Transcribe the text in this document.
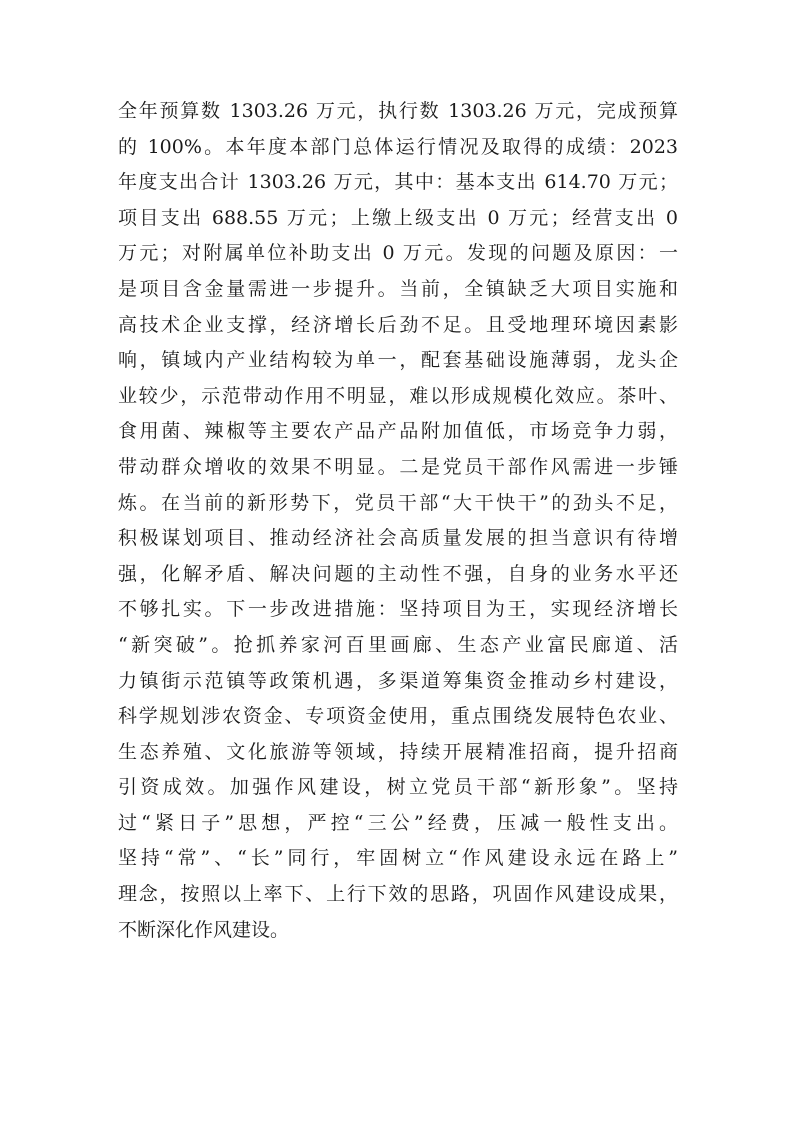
全年预算数 1303.26 万元，执行数 1303.26 万元，完成预算
的 100%。本年度本部门总体运行情况及取得的成绩：2023
年度支出合计 1303.26 万元，其中：基本支出 614.70 万元；
项目支出 688.55 万元；上缴上级支出 0 万元；经营支出 0
万元；对附属单位补助支出 0 万元。发现的问题及原因：一
是项目含金量需进一步提升。当前，全镇缺乏大项目实施和
高技术企业支撑，经济增长后劲不足。且受地理环境因素影
响，镇域内产业结构较为单一，配套基础设施薄弱，龙头企
业较少，示范带动作用不明显，难以形成规模化效应。茶叶、
食用菌、辣椒等主要农产品产品附加值低，市场竞争力弱，
带动群众增收的效果不明显。二是党员干部作风需进一步锤
炼。在当前的新形势下，党员干部“大干快干”的劲头不足，
积极谋划项目、推动经济社会高质量发展的担当意识有待增
强，化解矛盾、解决问题的主动性不强，自身的业务水平还
不够扎实。下一步改进措施：坚持项目为王，实现经济增长
“新突破”。抢抓养家河百里画廊、生态产业富民廊道、活
力镇街示范镇等政策机遇，多渠道筹集资金推动乡村建设，
科学规划涉农资金、专项资金使用，重点围绕发展特色农业、
生态养殖、文化旅游等领域，持续开展精准招商，提升招商
引资成效。加强作风建设，树立党员干部“新形象”。坚持
过“紧日子”思想，严控“三公”经费，压减一般性支出。
坚持“常”、“长”同行，牢固树立“作风建设永远在路上”
理念，按照以上率下、上行下效的思路，巩固作风建设成果，
不断深化作风建设。
